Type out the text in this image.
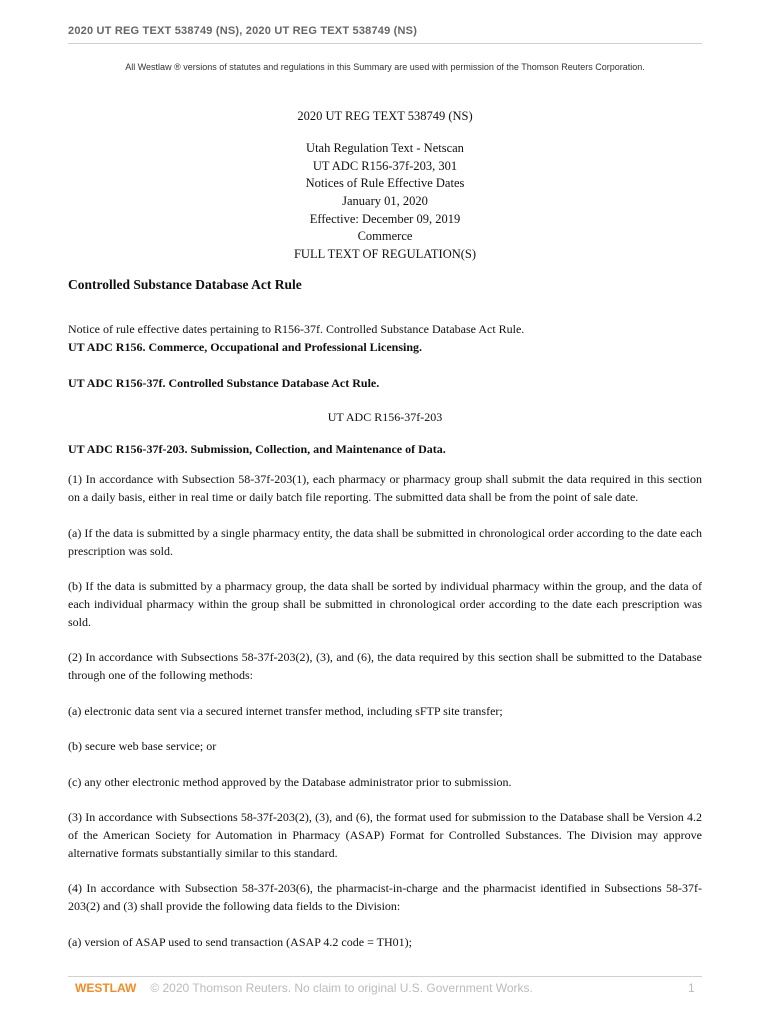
2020 UT REG TEXT 538749 (NS), 2020 UT REG TEXT 538749 (NS)
All Westlaw ® versions of statutes and regulations in this Summary are used with permission of the Thomson Reuters Corporation.
2020 UT REG TEXT 538749 (NS)
Utah Regulation Text - Netscan
UT ADC R156-37f-203, 301
Notices of Rule Effective Dates
January 01, 2020
Effective: December 09, 2019
Commerce
FULL TEXT OF REGULATION(S)
Controlled Substance Database Act Rule
Notice of rule effective dates pertaining to R156-37f. Controlled Substance Database Act Rule.
UT ADC R156. Commerce, Occupational and Professional Licensing.
UT ADC R156-37f. Controlled Substance Database Act Rule.
UT ADC R156-37f-203
UT ADC R156-37f-203. Submission, Collection, and Maintenance of Data.
(1) In accordance with Subsection 58-37f-203(1), each pharmacy or pharmacy group shall submit the data required in this section on a daily basis, either in real time or daily batch file reporting. The submitted data shall be from the point of sale date.
(a) If the data is submitted by a single pharmacy entity, the data shall be submitted in chronological order according to the date each prescription was sold.
(b) If the data is submitted by a pharmacy group, the data shall be sorted by individual pharmacy within the group, and the data of each individual pharmacy within the group shall be submitted in chronological order according to the date each prescription was sold.
(2) In accordance with Subsections 58-37f-203(2), (3), and (6), the data required by this section shall be submitted to the Database through one of the following methods:
(a) electronic data sent via a secured internet transfer method, including sFTP site transfer;
(b) secure web base service; or
(c) any other electronic method approved by the Database administrator prior to submission.
(3) In accordance with Subsections 58-37f-203(2), (3), and (6), the format used for submission to the Database shall be Version 4.2 of the American Society for Automation in Pharmacy (ASAP) Format for Controlled Substances. The Division may approve alternative formats substantially similar to this standard.
(4) In accordance with Subsection 58-37f-203(6), the pharmacist-in-charge and the pharmacist identified in Subsections 58-37f-203(2) and (3) shall provide the following data fields to the Division:
(a) version of ASAP used to send transaction (ASAP 4.2 code = TH01);
WESTLAW © 2020 Thomson Reuters. No claim to original U.S. Government Works.	1
